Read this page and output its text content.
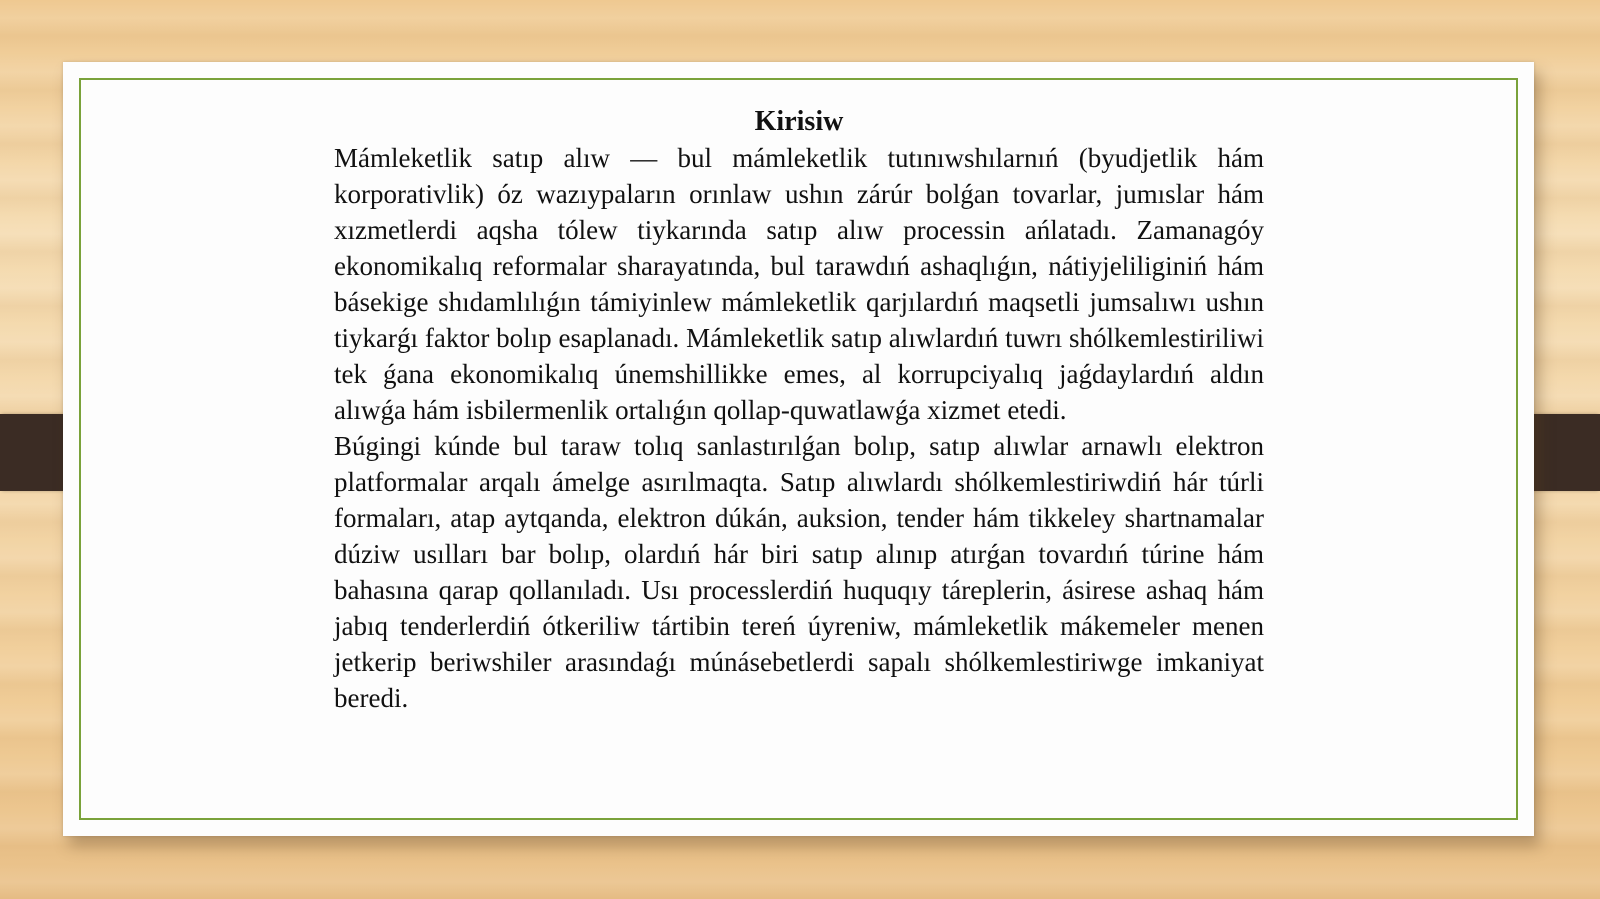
Kirisiw

Mámleketlik satıp alıw — bul mámleketlik tutınıwshılarnıń (byudjetlik hám korporativlik) óz wazıypaların orınlaw ushın zárúr bolǵan tovarlar, jumıslar hám xızmetlerdi aqsha tólew tiykarında satıp alıw processin ańlatadı. Zamanagóy ekonomikalıq reformalar sharayatında, bul tarawdıń ashaqlıǵın, nátiyjeliliginiń hám básekige shıdamlılıǵın támiyinlew mámleketlik qarjılardıń maqsetli jumsalıwı ushın tiykarǵı faktor bolıp esaplanadı. Mámleketlik satıp alıwlardıń tuwrı shólkemlestiriliwi tek ǵana ekonomikalıq únemshillikke emes, al korrupciyalıq jaǵdaylardıń aldın alıwǵa hám isbilermenlik ortalıǵın qollap-quwatlawǵa xizmet etedi.

Búgingi kúnde bul taraw tolıq sanlastırılǵan bolıp, satıp alıwlar arnawlı elektron platformalar arqalı ámelge asırılmaqta. Satıp alıwlardı shólkemlestiriwdiń hár túrli formaları, atap aytqanda, elektron dúkán, auksion, tender hám tikkeley shartnamalar dúziw usılları bar bolıp, olardıń hár biri satıp alınıp atırǵan tovardıń túrine hám bahasına qarap qollanıladı. Usı processlerdiń huquqıy táreplerin, ásirese ashaq hám jabıq tenderlerdiń ótkeriliw tártibin tereń úyreniw, mámleketlik mákemeler menen jetkerip beriwshiler arasındaǵı múnásebetlerdi sapalı shólkemlestiriwge imkaniyat beredi.
